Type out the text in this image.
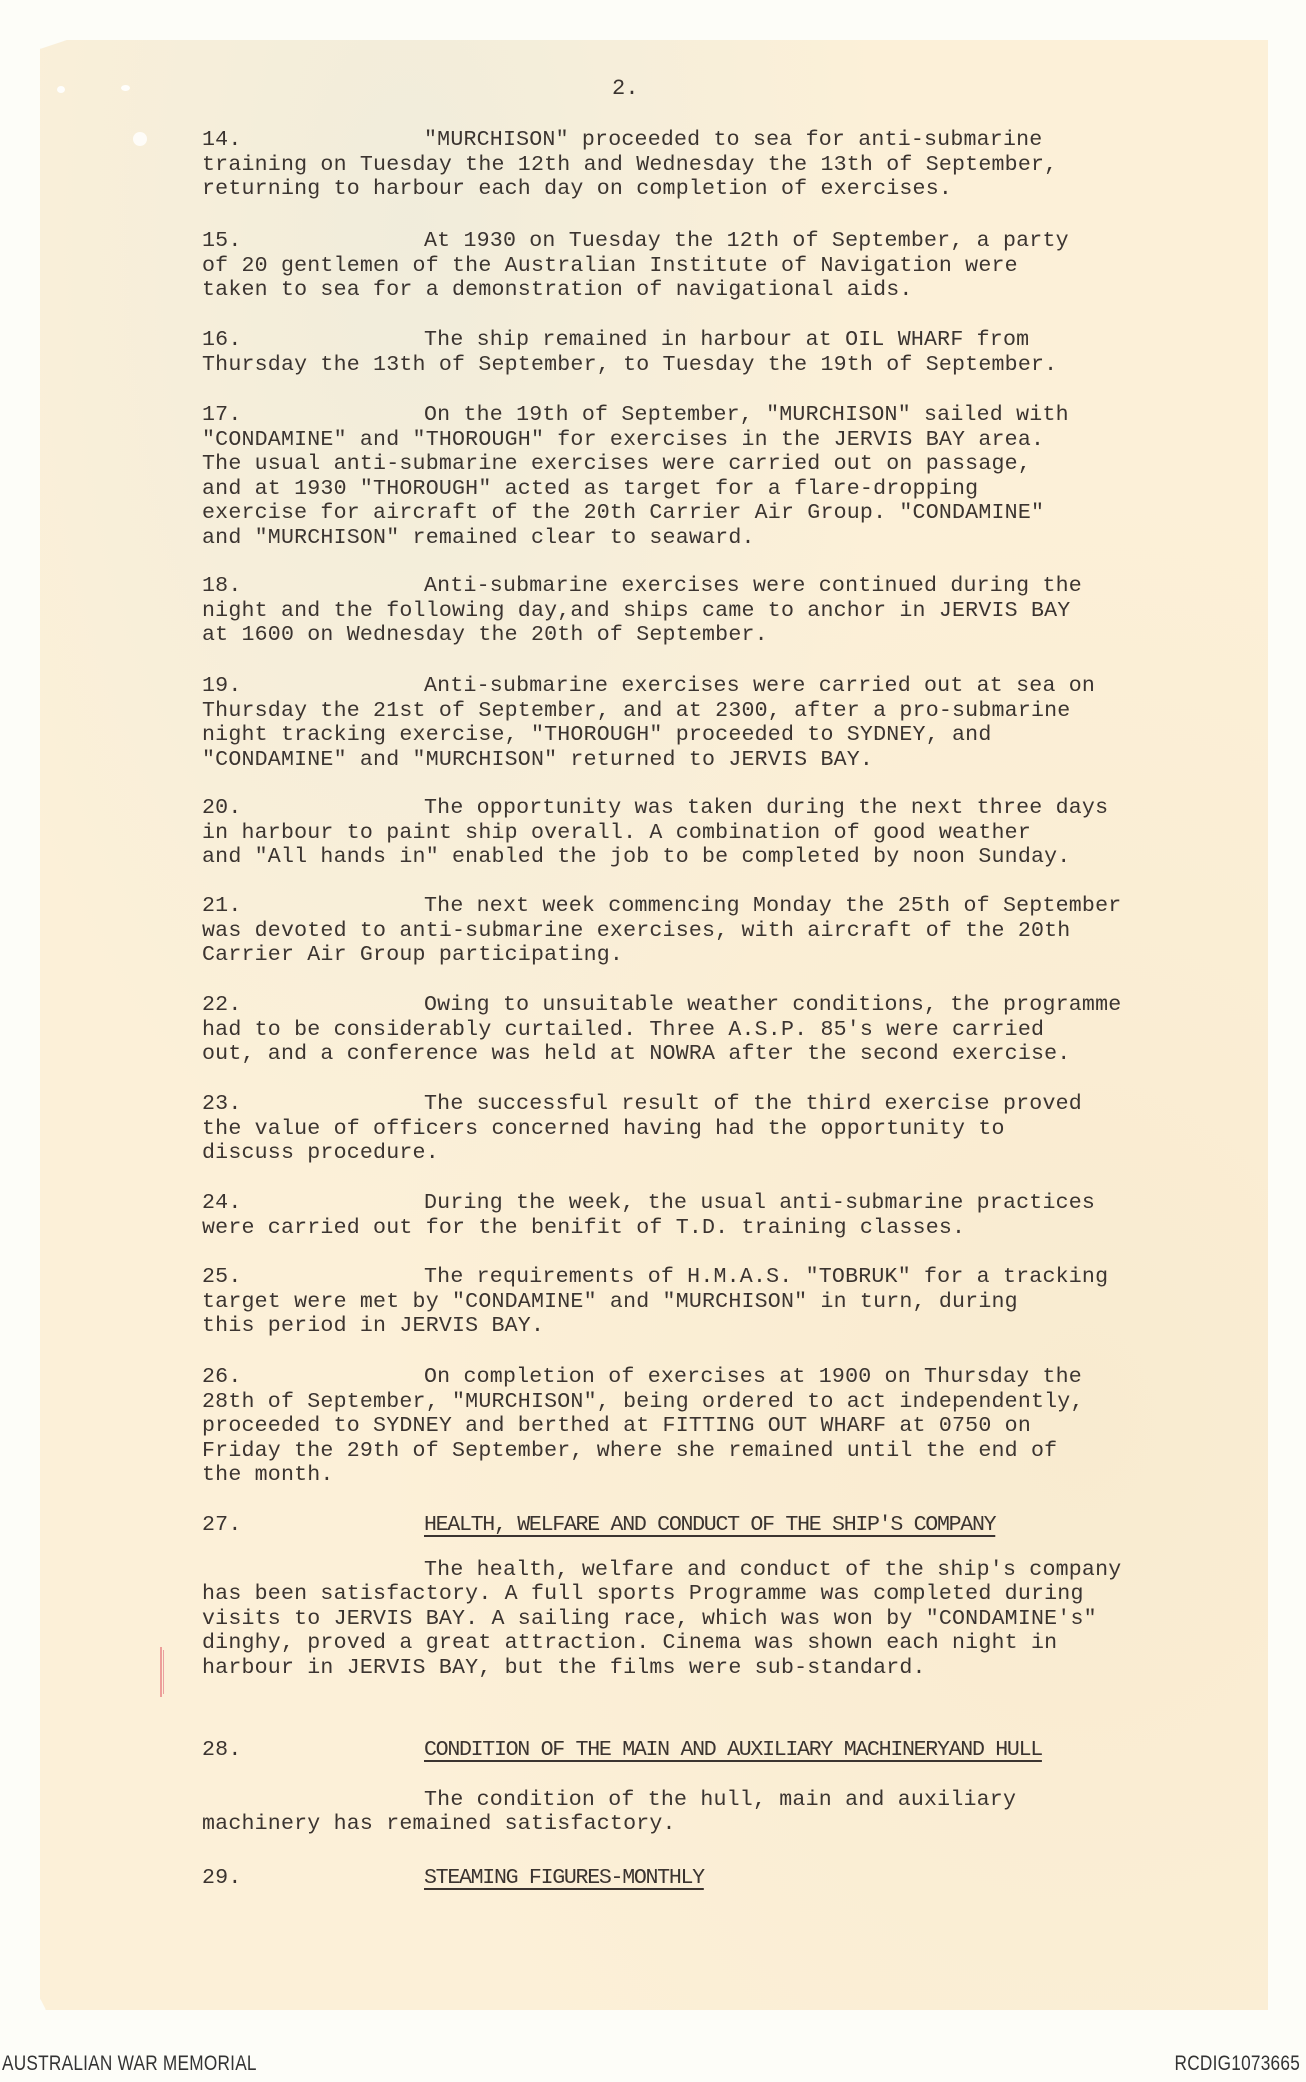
2.
14.	"MURCHISON" proceeded to sea for anti-submarine
training on Tuesday the 12th and Wednesday the 13th of September,
returning to harbour each day on completion of exercises.
15.	At 1930 on Tuesday the 12th of September, a party
of 20 gentlemen of the Australian Institute of Navigation were
taken to sea for a demonstration of navigational aids.
16.	The ship remained in harbour at OIL WHARF from
Thursday the 13th of September, to Tuesday the 19th of September.
17.	On the 19th of September, "MURCHISON" sailed with
"CONDAMINE" and "THOROUGH" for exercises in the JERVIS BAY area.
The usual anti-submarine exercises were carried out on passage,
and at 1930 "THOROUGH" acted as target for a flare-dropping
exercise for aircraft of the 20th Carrier Air Group. "CONDAMINE"
and "MURCHISON" remained clear to seaward.
18.	Anti-submarine exercises were continued during the
night and the following day,and ships came to anchor in JERVIS BAY
at 1600 on Wednesday the 20th of September.
19.	Anti-submarine exercises were carried out at sea on
Thursday the 21st of September, and at 2300, after a pro-submarine
night tracking exercise, "THOROUGH" proceeded to SYDNEY, and
"CONDAMINE" and "MURCHISON" returned to JERVIS BAY.
20.	The opportunity was taken during the next three days
in harbour to paint ship overall. A combination of good weather
and "All hands in" enabled the job to be completed by noon Sunday.
21.	The next week commencing Monday the 25th of September
was devoted to anti-submarine exercises, with aircraft of the 20th
Carrier Air Group participating.
22.	Owing to unsuitable weather conditions, the programme
had to be considerably curtailed. Three A.S.P. 85's were carried
out, and a conference was held at NOWRA after the second exercise.
23.	The successful result of the third exercise proved
the value of officers concerned having had the opportunity to
discuss procedure.
24.	During the week, the usual anti-submarine practices
were carried out for the benifit of T.D. training classes.
25.	The requirements of H.M.A.S. "TOBRUK" for a tracking
target were met by "CONDAMINE" and "MURCHISON" in turn, during
this period in JERVIS BAY.
26.	On completion of exercises at 1900 on Thursday the
28th of September, "MURCHISON", being ordered to act independently,
proceeded to SYDNEY and berthed at FITTING OUT WHARF at 0750 on
Friday the 29th of September, where she remained until the end of
the month.
27.	HEALTH, WELFARE AND CONDUCT OF THE SHIP'S COMPANY
The health, welfare and conduct of the ship's company
has been satisfactory. A full sports Programme was completed during
visits to JERVIS BAY. A sailing race, which was won by "CONDAMINE's"
dinghy, proved a great attraction. Cinema was shown each night in
harbour in JERVIS BAY, but the films were sub-standard.
28.	CONDITION OF THE MAIN AND AUXILIARY MACHINERYAND HULL
The condition of the hull, main and auxiliary
machinery has remained satisfactory.
29.	STEAMING FIGURES-MONTHLY
AUSTRALIAN WAR MEMORIAL	RCDIG1073665
